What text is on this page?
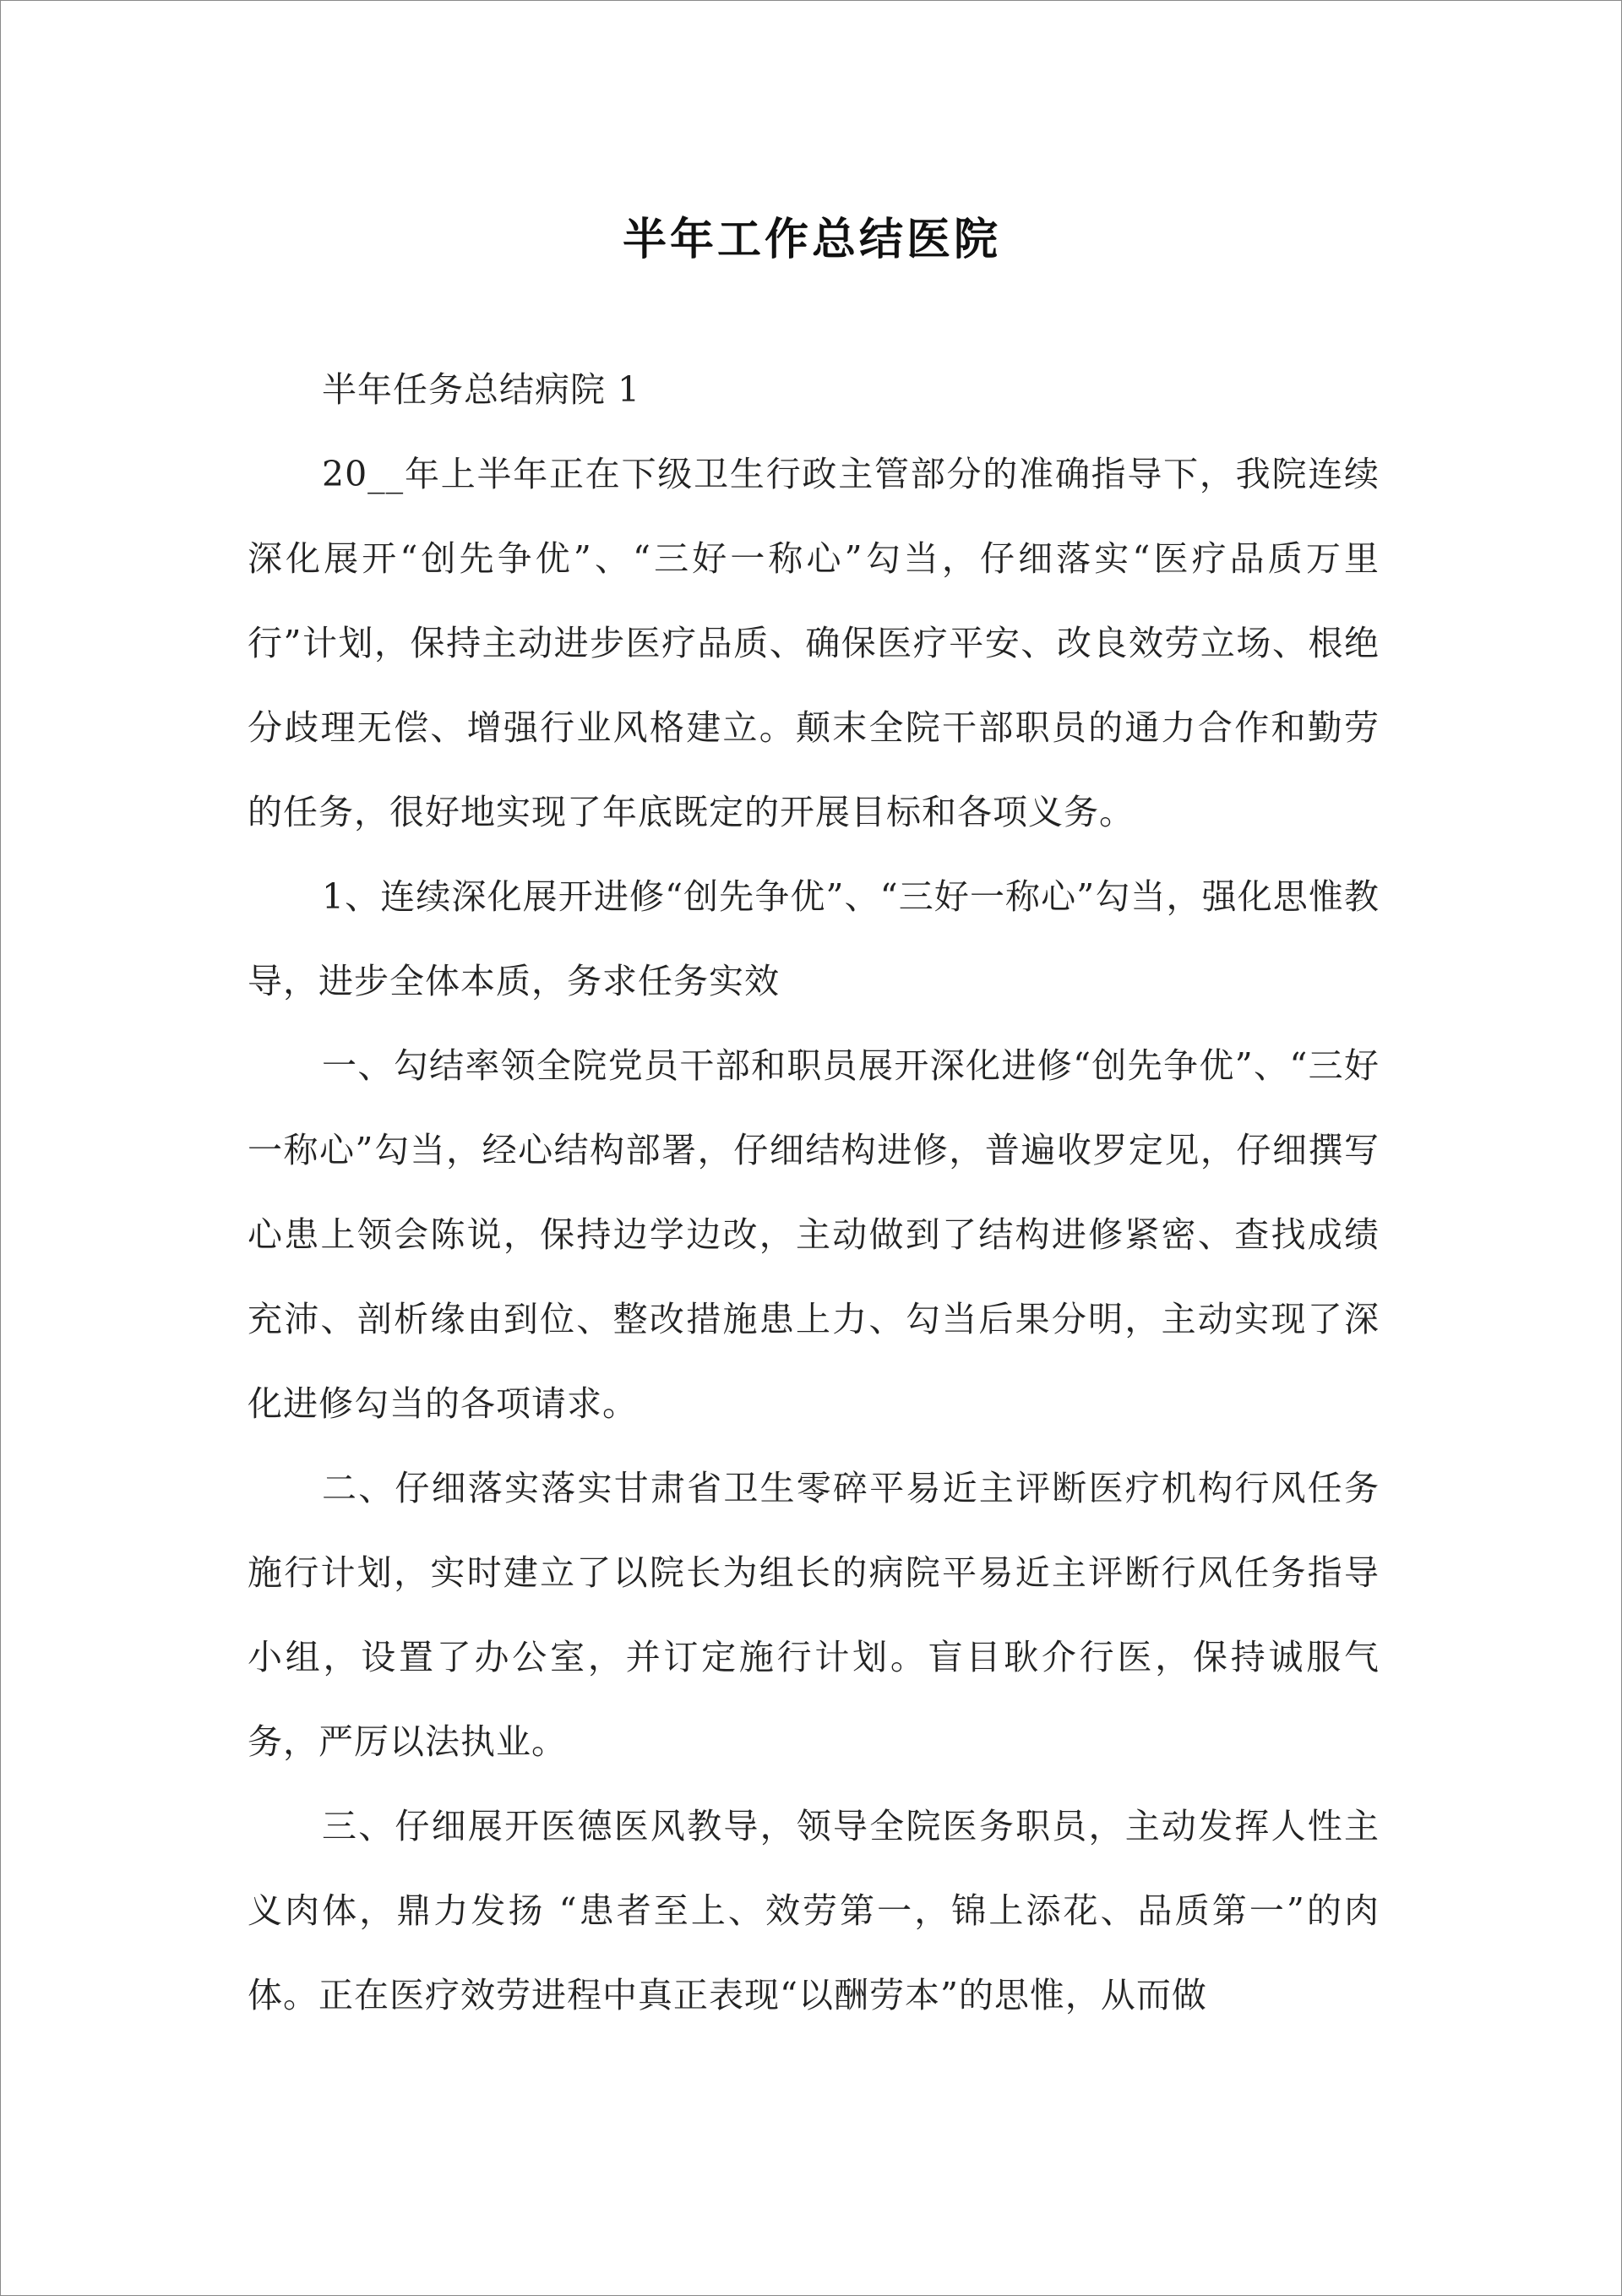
半年工作总结医院

半年任务总结病院 1

20__年上半年正在下级卫生行政主管部分的准确指导下，我院连续深化展开“创先争优”、“三好一称心”勾当，仔细落实“医疗品质万里行”计划，保持主动进步医疗品质、确保医疗平安、改良效劳立场、根绝分歧理无偿、增强行业风格建立。颠末全院干部职员的通力合作和勤劳的任务，很好地实现了年底既定的开展目标和各项义务。

1、连续深化展开进修“创先争优”、“三好一称心”勾当，强化思惟教导，进步全体本质，务求任务实效

一、勾结率领全院党员干部和职员展开深化进修“创先争优”、“三好一称心”勾当，经心结构部署，仔细结构进修，普遍收罗定见，仔细撰写心患上领会陈说，保持边学边改，主动做到了结构进修紧密、查找成绩充沛、剖析缘由到位、整改措施患上力、勾当后果分明，主动实现了深化进修勾当的各项请求。

二、仔细落实落实甘肃省卫生零碎平易近主评断医疗机构行风任务施行计划，实时建立了以院长为组长的病院平易近主评断行风任务指导小组，设置了办公室，并订定施行计划。盲目耿介行医，保持诚服气务，严厉以法执业。

三、仔细展开医德医风教导，领导全院医务职员，主动发挥人性主义肉体，鼎力发扬 “患者至上、效劳第一，锦上添花、品质第一”的肉体。正在医疗效劳进程中真正表现“以酬劳本”的思惟，从而做
